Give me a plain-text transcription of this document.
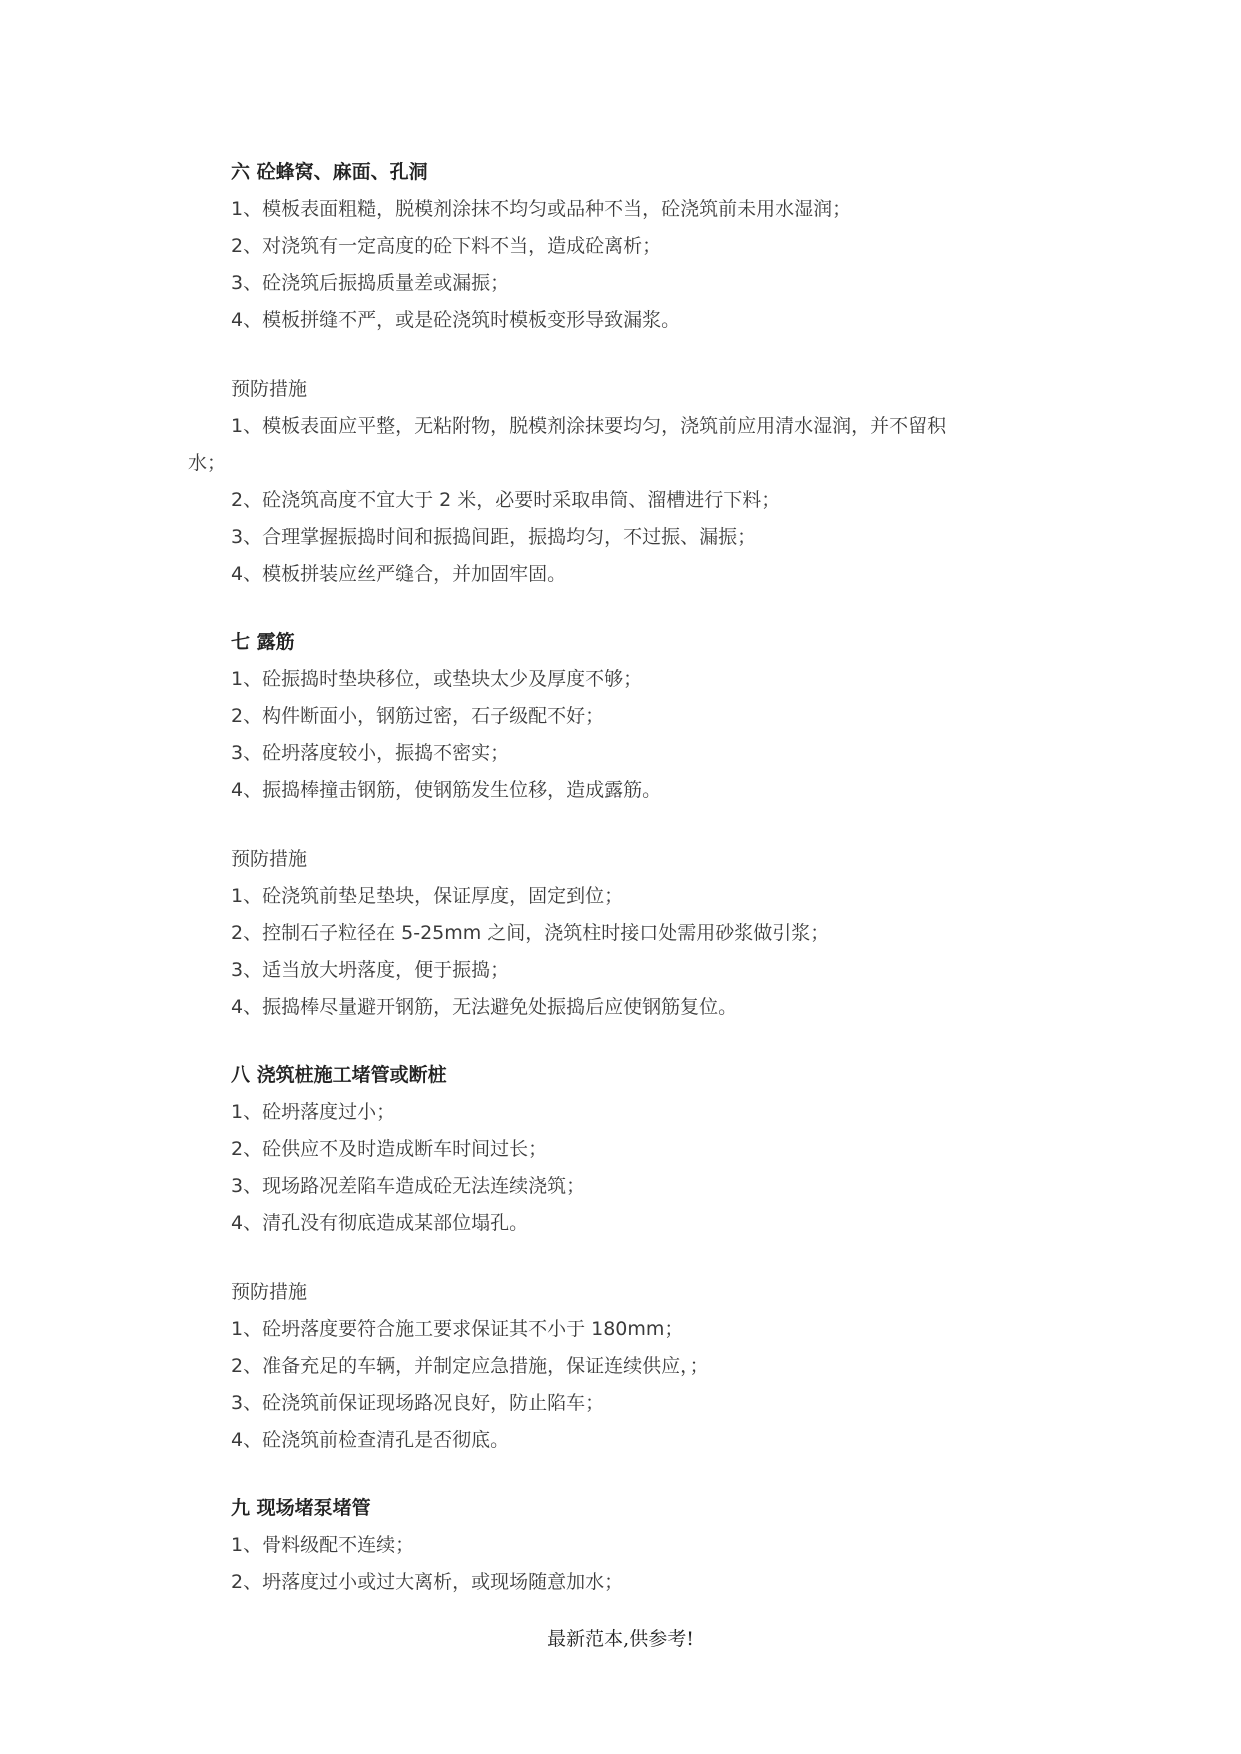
六 砼蜂窝、麻面、孔洞
1、模板表面粗糙，脱模剂涂抹不均匀或品种不当，砼浇筑前未用水湿润；
2、对浇筑有一定高度的砼下料不当，造成砼离析；
3、砼浇筑后振捣质量差或漏振；
4、模板拼缝不严，或是砼浇筑时模板变形导致漏浆。
预防措施
1、模板表面应平整，无粘附物，脱模剂涂抹要均匀，浇筑前应用清水湿润，并不留积
水；
2、砼浇筑高度不宜大于 2 米，必要时采取串筒、溜槽进行下料；
3、合理掌握振捣时间和振捣间距，振捣均匀，不过振、漏振；
4、模板拼装应丝严缝合，并加固牢固。
七 露筋
1、砼振捣时垫块移位，或垫块太少及厚度不够；
2、构件断面小，钢筋过密，石子级配不好；
3、砼坍落度较小，振捣不密实；
4、振捣棒撞击钢筋，使钢筋发生位移，造成露筋。
预防措施
1、砼浇筑前垫足垫块，保证厚度，固定到位；
2、控制石子粒径在 5-25mm 之间，浇筑柱时接口处需用砂浆做引浆；
3、适当放大坍落度，便于振捣；
4、振捣棒尽量避开钢筋，无法避免处振捣后应使钢筋复位。
八 浇筑桩施工堵管或断桩
1、砼坍落度过小；
2、砼供应不及时造成断车时间过长；
3、现场路况差陷车造成砼无法连续浇筑；
4、清孔没有彻底造成某部位塌孔。
预防措施
1、砼坍落度要符合施工要求保证其不小于 180mm；
2、准备充足的车辆，并制定应急措施，保证连续供应，；
3、砼浇筑前保证现场路况良好，防止陷车；
4、砼浇筑前检查清孔是否彻底。
九 现场堵泵堵管
1、骨料级配不连续；
2、坍落度过小或过大离析，或现场随意加水；
最新范本,供参考!
